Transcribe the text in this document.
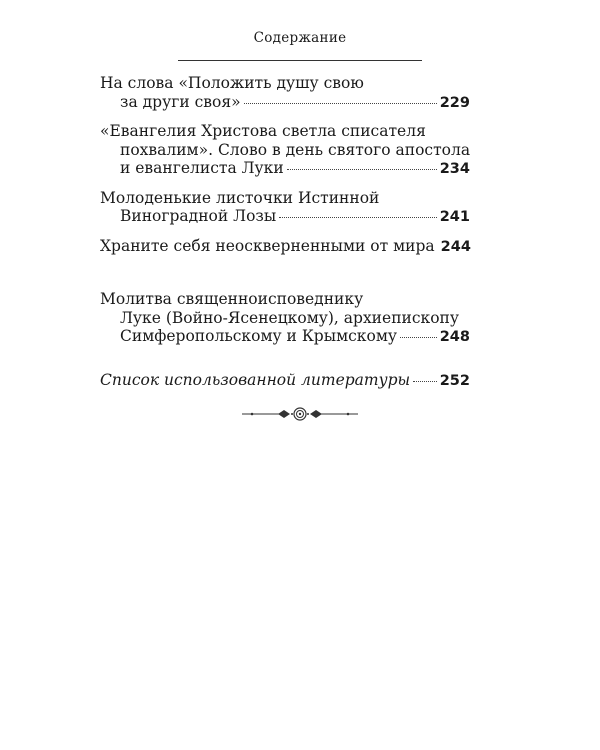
Содержание
На слова «Положить душу свою
за други своя»	229
«Евангелия Христова светла списателя
похвалим». Слово в день святого апостола
и евангелиста Луки	234
Молоденькие листочки Истинной
Виноградной Лозы	241
Храните себя неоскверненными от мира 244
Молитва священноисповеднику
Луке (Войно-Ясенецкому), архиепископу
Симферопольскому и Крымскому	248
Список использованной литературы 252
